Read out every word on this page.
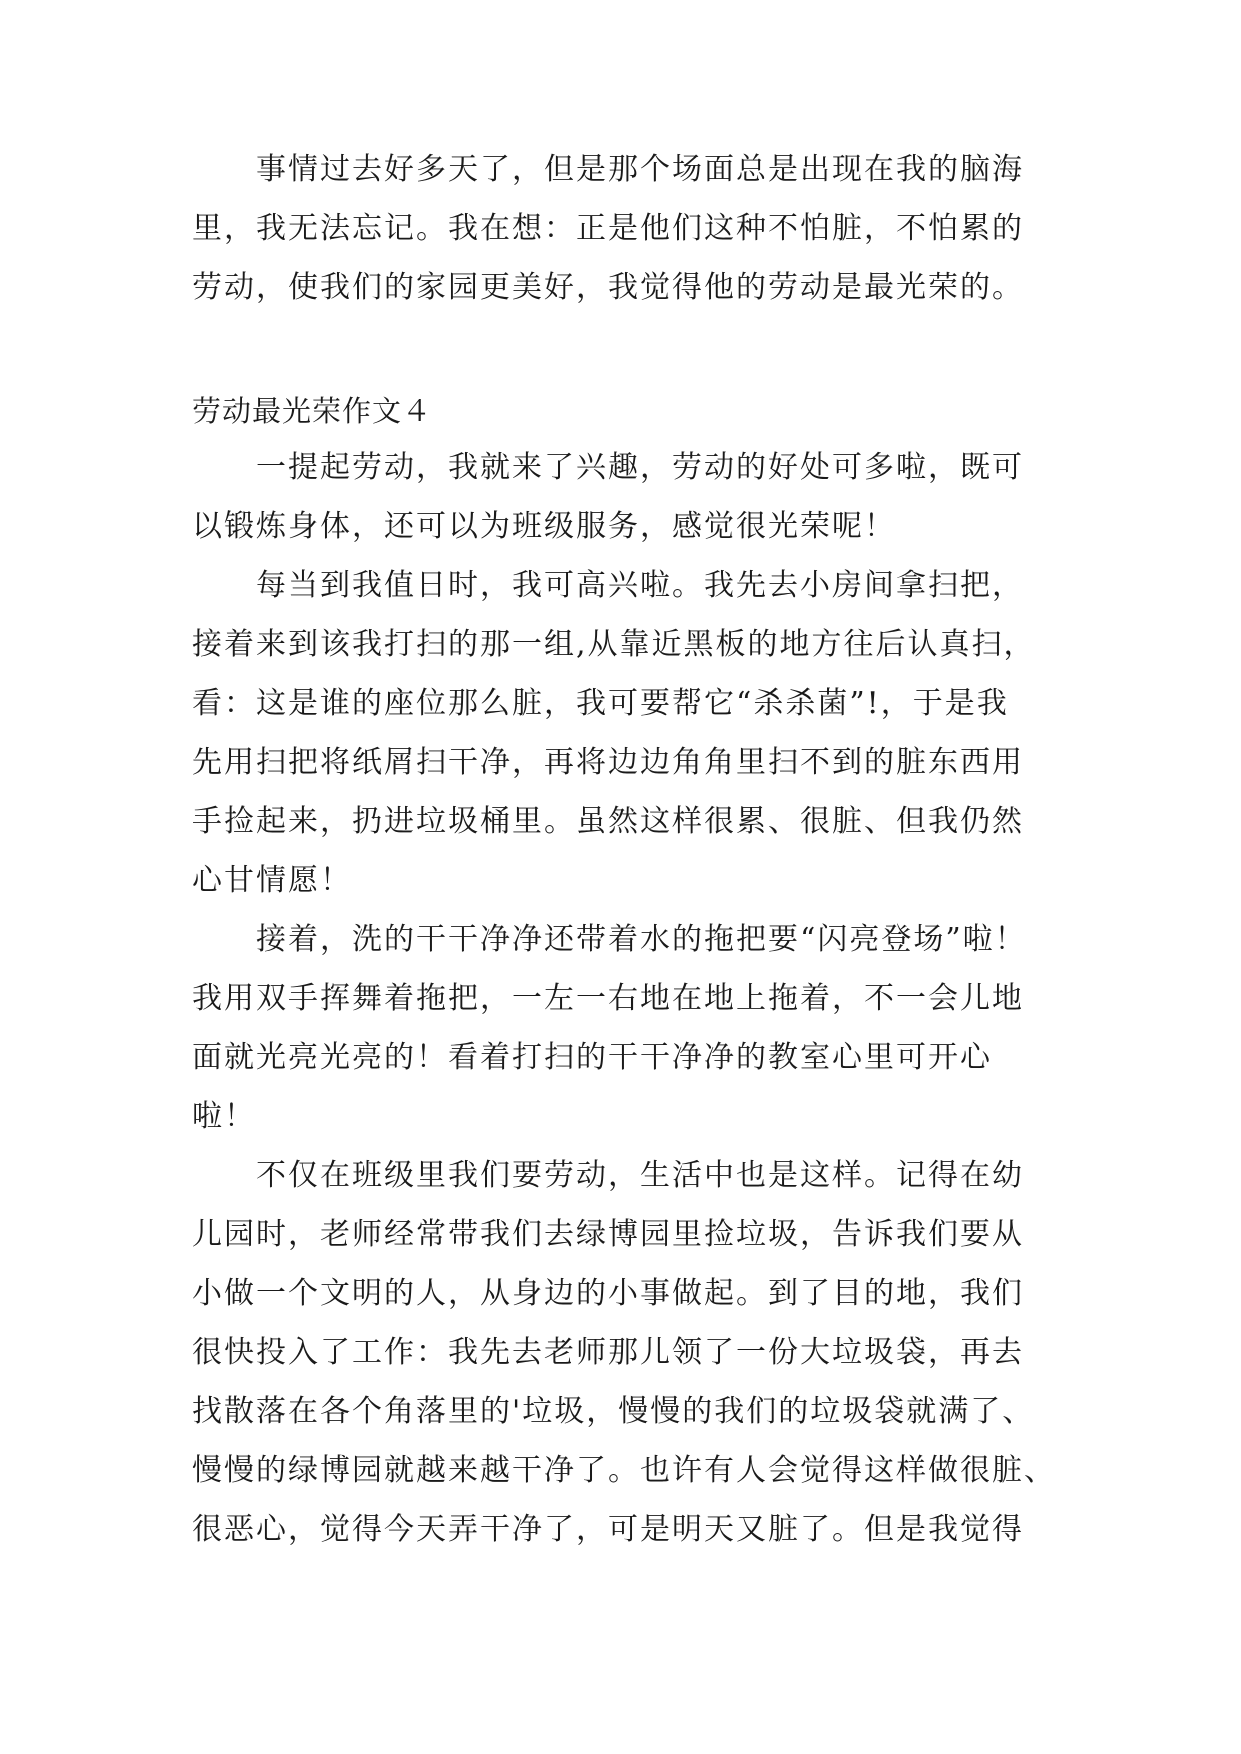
　　事情过去好多天了，但是那个场面总是出现在我的脑海

里，我无法忘记。我在想：正是他们这种不怕脏，不怕累的

劳动，使我们的家园更美好，我觉得他的劳动是最光荣的。

劳动最光荣作文４

　　一提起劳动，我就来了兴趣，劳动的好处可多啦，既可

以锻炼身体，还可以为班级服务，感觉很光荣呢！

　　每当到我值日时，我可高兴啦。我先去小房间拿扫把，

接着来到该我打扫的那一组,从靠近黑板的地方往后认真扫，

看：这是谁的座位那么脏，我可要帮它“杀杀菌”!，于是我

先用扫把将纸屑扫干净，再将边边角角里扫不到的脏东西用

手捡起来，扔进垃圾桶里。虽然这样很累、很脏、但我仍然

心甘情愿！

　　接着，洗的干干净净还带着水的拖把要“闪亮登场”啦！

我用双手挥舞着拖把，一左一右地在地上拖着，不一会儿地

面就光亮光亮的！看着打扫的干干净净的教室心里可开心

啦！

　　不仅在班级里我们要劳动，生活中也是这样。记得在幼

儿园时，老师经常带我们去绿博园里捡垃圾，告诉我们要从

小做一个文明的人，从身边的小事做起。到了目的地，我们

很快投入了工作：我先去老师那儿领了一份大垃圾袋，再去

找散落在各个角落里的'垃圾，慢慢的我们的垃圾袋就满了、

慢慢的绿博园就越来越干净了。也许有人会觉得这样做很脏、

很恶心，觉得今天弄干净了，可是明天又脏了。但是我觉得
